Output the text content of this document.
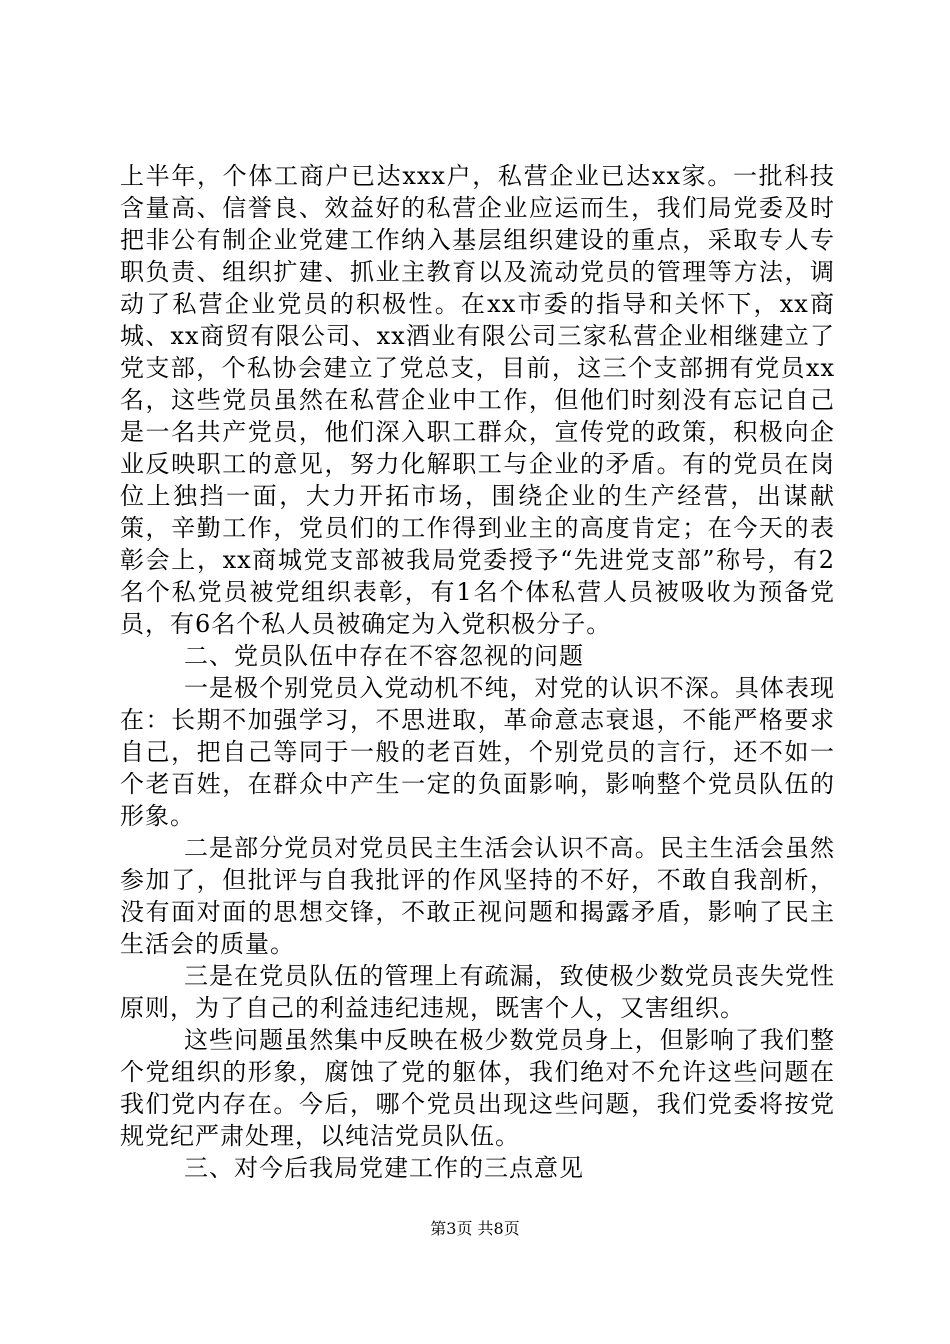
上半年，个体工商户已达xxx户，私营企业已达xx家。一批科技含量高、信誉良、效益好的私营企业应运而生，我们局党委及时把非公有制企业党建工作纳入基层组织建设的重点，采取专人专职负责、组织扩建、抓业主教育以及流动党员的管理等方法，调动了私营企业党员的积极性。在xx市委的指导和关怀下，xx商城、xx商贸有限公司、xx酒业有限公司三家私营企业相继建立了党支部，个私协会建立了党总支，目前，这三个支部拥有党员xx名，这些党员虽然在私营企业中工作，但他们时刻没有忘记自己是一名共产党员，他们深入职工群众，宣传党的政策，积极向企业反映职工的意见，努力化解职工与企业的矛盾。有的党员在岗位上独挡一面，大力开拓市场，围绕企业的生产经营，出谋献策，辛勤工作，党员们的工作得到业主的高度肯定；在今天的表彰会上，xx商城党支部被我局党委授予“先进党支部”称号，有2名个私党员被党组织表彰，有1名个体私营人员被吸收为预备党员，有6名个私人员被确定为入党积极分子。

二、党员队伍中存在不容忽视的问题

一是极个别党员入党动机不纯，对党的认识不深。具体表现在：长期不加强学习，不思进取，革命意志衰退，不能严格要求自己，把自己等同于一般的老百姓，个别党员的言行，还不如一个老百姓，在群众中产生一定的负面影响，影响整个党员队伍的形象。

二是部分党员对党员民主生活会认识不高。民主生活会虽然参加了，但批评与自我批评的作风坚持的不好，不敢自我剖析，没有面对面的思想交锋，不敢正视问题和揭露矛盾，影响了民主生活会的质量。

三是在党员队伍的管理上有疏漏，致使极少数党员丧失党性原则，为了自己的利益违纪违规，既害个人，又害组织。

这些问题虽然集中反映在极少数党员身上，但影响了我们整个党组织的形象，腐蚀了党的躯体，我们绝对不允许这些问题在我们党内存在。今后，哪个党员出现这些问题，我们党委将按党规党纪严肃处理，以纯洁党员队伍。

三、对今后我局党建工作的三点意见

第3页 共8页
